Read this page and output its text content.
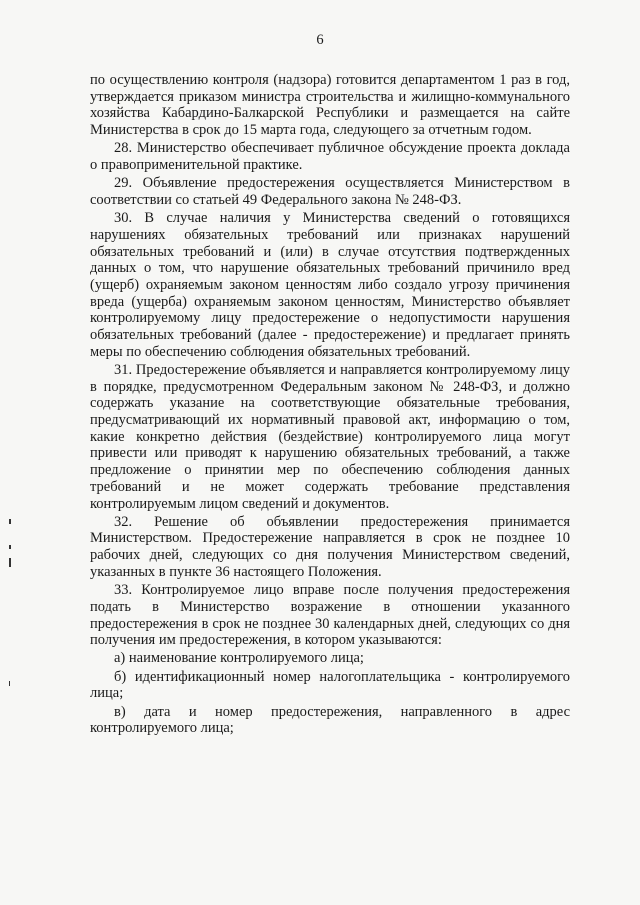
6

по осуществлению контроля (надзора) готовится департаментом 1 раз в год, утверждается приказом министра строительства и жилищно-коммунального хозяйства Кабардино-Балкарской Республики и размещается на сайте Министерства в срок до 15 марта года, следующего за отчетным годом.

28. Министерство обеспечивает публичное обсуждение проекта доклада о правоприменительной практике.

29. Объявление предостережения осуществляется Министерством в соответствии со статьей 49 Федерального закона № 248-ФЗ.

30. В случае наличия у Министерства сведений о готовящихся нарушениях обязательных требований или признаках нарушений обязательных требований и (или) в случае отсутствия подтвержденных данных о том, что нарушение обязательных требований причинило вред (ущерб) охраняемым законом ценностям либо создало угрозу причинения вреда (ущерба) охраняемым законом ценностям, Министерство объявляет контролируемому лицу предостережение о недопустимости нарушения обязательных требований (далее - предостережение) и предлагает принять меры по обеспечению соблюдения обязательных требований.

31. Предостережение объявляется и направляется контролируемому лицу в порядке, предусмотренном Федеральным законом № 248-ФЗ, и должно содержать указание на соответствующие обязательные требования, предусматривающий их нормативный правовой акт, информацию о том, какие конкретно действия (бездействие) контролируемого лица могут привести или приводят к нарушению обязательных требований, а также предложение о принятии мер по обеспечению соблюдения данных требований и не может содержать требование представления контролируемым лицом сведений и документов.

32. Решение об объявлении предостережения принимается Министерством. Предостережение направляется в срок не позднее 10 рабочих дней, следующих со дня получения Министерством сведений, указанных в пункте 36 настоящего Положения.

33. Контролируемое лицо вправе после получения предостережения подать в Министерство возражение в отношении указанного предостережения в срок не позднее 30 календарных дней, следующих со дня получения им предостережения, в котором указываются:

а) наименование контролируемого лица;

б) идентификационный номер налогоплательщика - контролируемого лица;

в) дата и номер предостережения, направленного в адрес контролируемого лица;
